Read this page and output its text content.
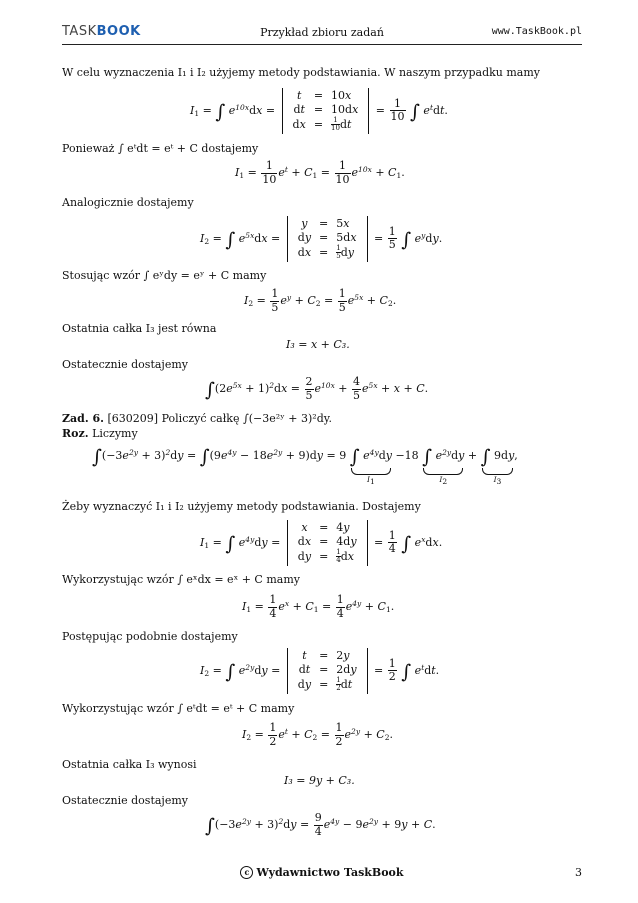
TASKBOOK	Przykład zbioru zadań	www.TaskBook.pl
W celu wyznaczenia I₁ i I₂ użyjemy metody podstawiania. W naszym przypadku mamy
$I_1$ = ∫ $e^{10x}dx$ =
t	=	10x
dt	=	10dx
dx	=	$\frac{1}{10}$ dt
= $\frac{1}{10}$ ∫ $e^tdt$.
Ponieważ ∫ eᵗdt = eᵗ + C dostajemy
$I_1 = \frac{1}{10} e^t + C_1 = \frac{1}{10} e^{10x} + C_1$.
Analogicznie dostajemy
$I_2$ = ∫ $e^{5x}dx$ =
y	=	5x
dy	=	5dx
dx	=	$\frac{1}{5}$ dy
= $\frac{1}{5}$ ∫ $e^ydy$.
Stosując wzór ∫ eʸdy = eʸ + C mamy
$I_2 = \frac{1}{5} e^y + C_2 = \frac{1}{5} e^{5x} + C_2$.
Ostatnia całka I₃ jest równa
I₃ = x + C₃.
Ostatecznie dostajemy
$\int(2e^{5x} + 1)^2dx = \frac{2}{5} e^{10x} + \frac{4}{5} e^{5x} + x + C$.
Zad. 6. [630209] Policzyć całkę ∫(−3e²ʸ + 3)²dy.
Roz. Liczymy
$\int(-3e^{2y} + 3)^2dy = \int(9e^{4y} - 18e^{2y} + 9)dy = 9$ ∫ $e^{4y}dy$
$I_1$
−18 ∫ $e^{2y}dy$
$I_2$
+ ∫ 9dy
$I_3$
,
Żeby wyznaczyć I₁ i I₂ użyjemy metody podstawiania. Dostajemy
$I_1$ = ∫ $e^{4y}dy$ =
x	=	4y
dx	=	4dy
dy	=	$\frac{1}{4}$ dx
= $\frac{1}{4}$ ∫ $e^xdx$.
Wykorzystując wzór ∫ eˣdx = eˣ + C mamy
$I_1 = \frac{1}{4} e^x + C_1 = \frac{1}{4} e^{4y} + C_1$.
Postępując podobnie dostajemy
$I_2$ = ∫ $e^{2y}dy$ =
t	=	2y
dt	=	2dy
dy	=	$\frac{1}{2}$ dt
= $\frac{1}{2}$ ∫ $e^tdt$.
Wykorzystując wzór ∫ eᵗdt = eᵗ + C mamy
$I_2 = \frac{1}{2} e^t + C_2 = \frac{1}{2} e^{2y} + C_2$.
Ostatnia całka I₃ wynosi
I₃ = 9y + C₃.
Ostatecznie dostajemy
$\int(-3e^{2y} + 3)^2dy = \frac{9}{4} e^{4y} - 9e^{2y} + 9y + C$.
c Wydawnictwo TaskBook	3
